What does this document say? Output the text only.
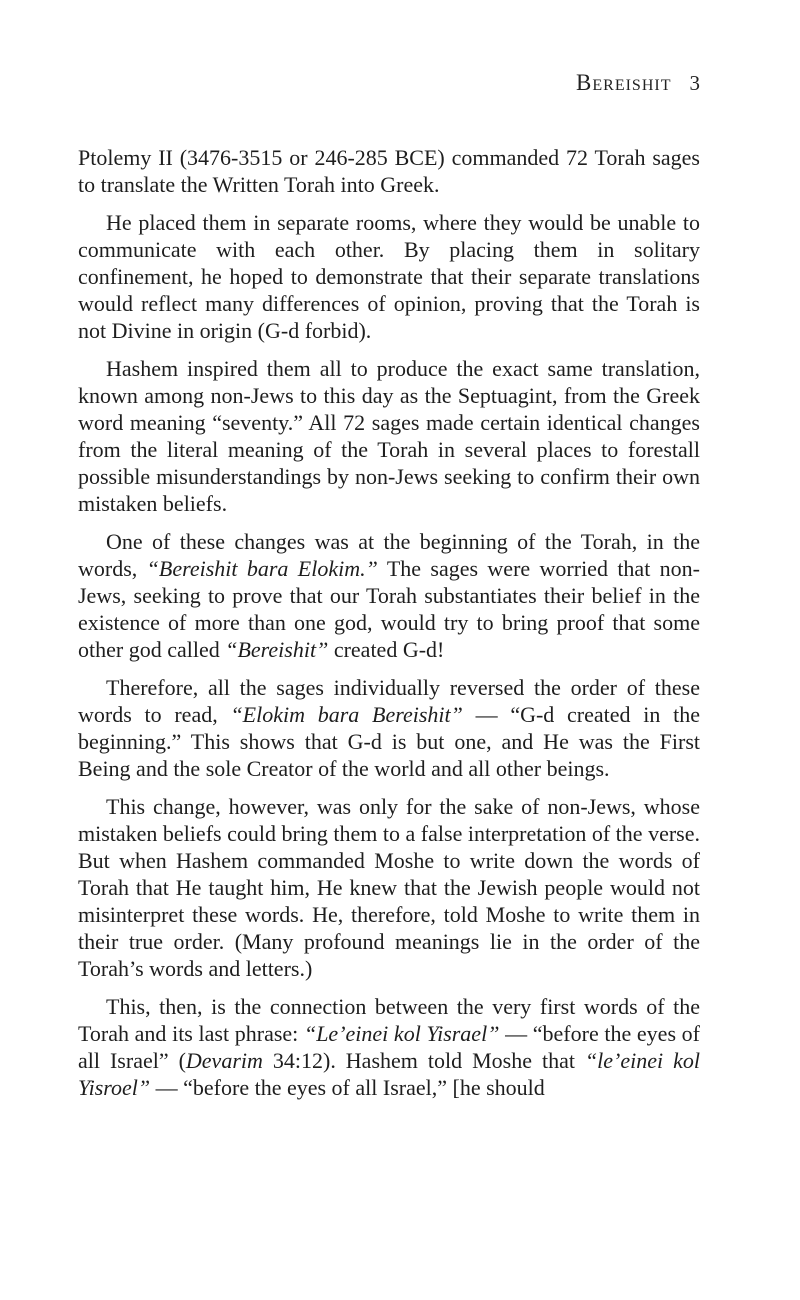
Bereishit 3

Ptolemy II (3476-3515 or 246-285 BCE) commanded 72 Torah sages to translate the Written Torah into Greek.

He placed them in separate rooms, where they would be unable to communicate with each other. By placing them in solitary confinement, he hoped to demonstrate that their separate translations would reflect many differences of opinion, proving that the Torah is not Divine in origin (G-d forbid).

Hashem inspired them all to produce the exact same translation, known among non-Jews to this day as the Septuagint, from the Greek word meaning “seventy.” All 72 sages made certain identical changes from the literal meaning of the Torah in several places to forestall possible misunderstandings by non-Jews seeking to confirm their own mistaken beliefs.

One of these changes was at the beginning of the Torah, in the words, “Bereishit bara Elokim.” The sages were worried that non-Jews, seeking to prove that our Torah substantiates their belief in the existence of more than one god, would try to bring proof that some other god called “Bereishit” created G-d!

Therefore, all the sages individually reversed the order of these words to read, “Elokim bara Bereishit” — “G-d created in the beginning.” This shows that G-d is but one, and He was the First Being and the sole Creator of the world and all other beings.

This change, however, was only for the sake of non-Jews, whose mistaken beliefs could bring them to a false interpretation of the verse. But when Hashem commanded Moshe to write down the words of Torah that He taught him, He knew that the Jewish people would not misinterpret these words. He, therefore, told Moshe to write them in their true order. (Many profound meanings lie in the order of the Torah’s words and letters.)

This, then, is the connection between the very first words of the Torah and its last phrase: “Le’einei kol Yisrael” — “before the eyes of all Israel” (Devarim 34:12). Hashem told Moshe that “le’einei kol Yisroel” — “before the eyes of all Israel,” [he should
